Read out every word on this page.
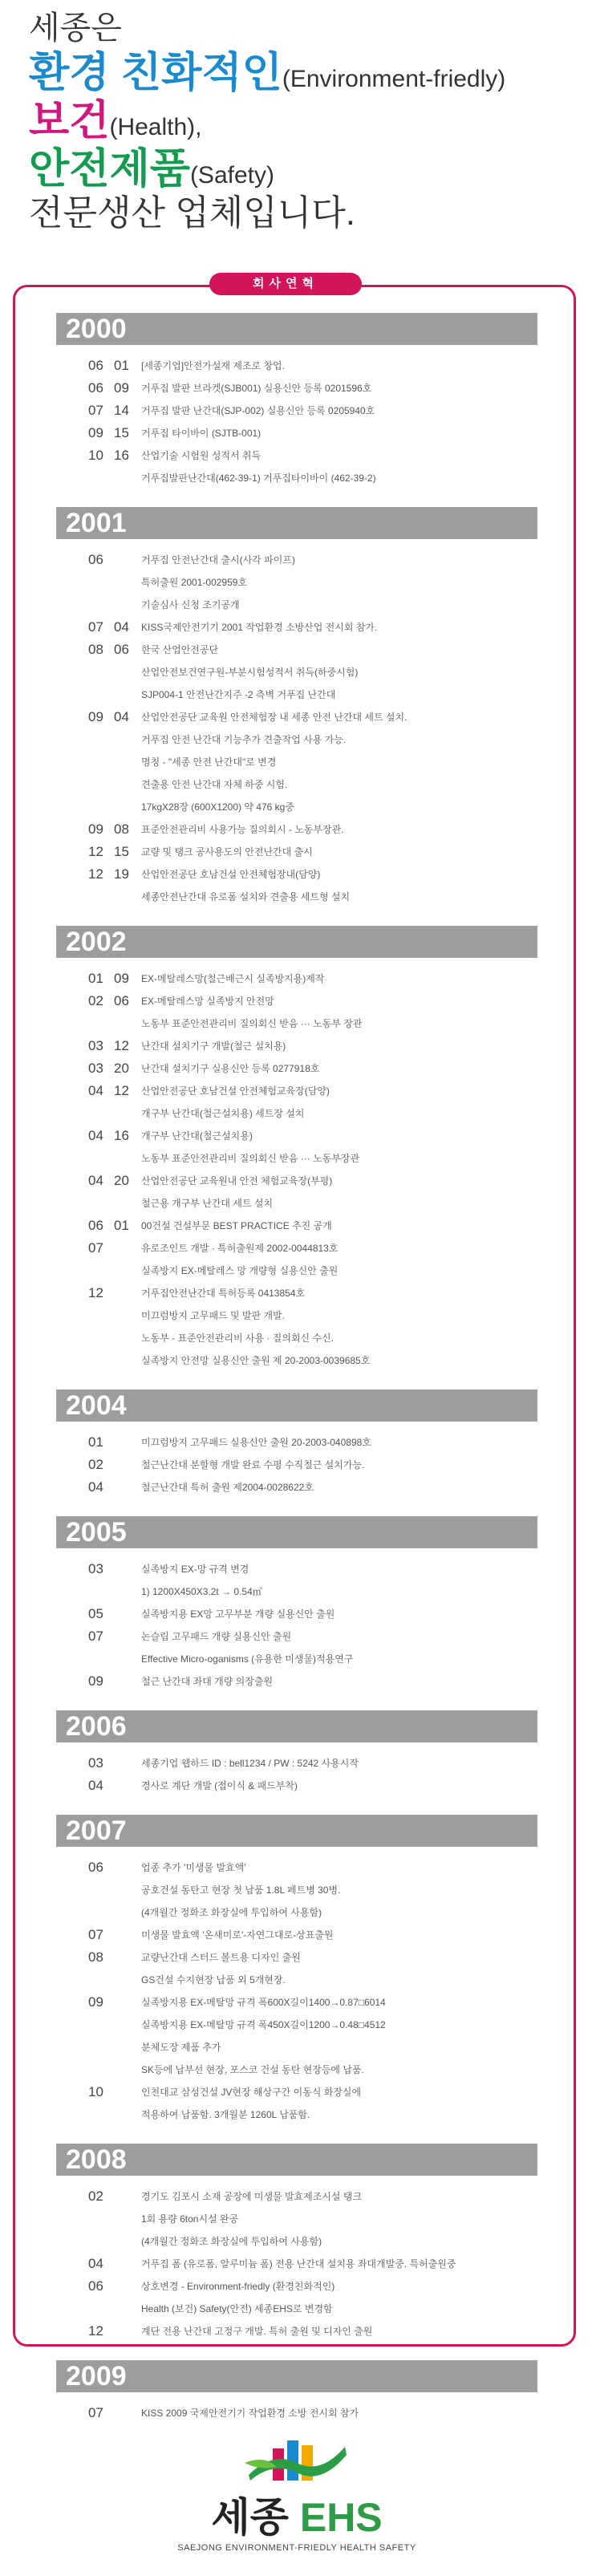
세종은
환경 친화적인(Environment-friedly)
보건(Health),
안전제품(Safety)
전문생산 업체입니다.
회사연혁
2000
06 01	[세종기업]안전가설재 제조로 창업.
06 09	거푸집 발판 브라켓(SJB001) 실용신안 등록 0201596호
07 14	거푸집 발판 난간대(SJP-002) 실용신안 등록 0205940호
09 15	거푸집 타이바이 (SJTB-001)
10 16	산업기술 시험원 성적서 취득
거푸집발판난간대(462-39-1) 거푸집타이바이 (462-39-2)
2001
06	거푸집 안전난간대 출시(사각 파이프)
특허출원 2001-002959호
기술심사 신청 조기공개
07 04	KISS국제안전기기 2001 작업환경 소방산업 전시회 참가.
08 06	한국 산업안전공단
산업안전보건연구원-부분시험성적서 취득(하중시험)
SJP004-1 안전난간지주 -2 측벽 거푸집 난간대
09 04	산업안전공단 교육원 안전체험장 내 세종 안전 난간대 세트 설치.
거푸집 안전 난간대 기능추가 견출작업 사용 가능.
명칭 - "세종 안전 난간대"로 변경
견출용 안전 난간대 자체 하중 시험.
17kgX28장 (600X1200) 약 476 kg중
09 08	표준안전관리비 사용가능 질의회시 - 노동부장관.
12 15	교량 및 탱크 공사용도의 안전난간대 출시
12 19	산업안전공단 호남건설 안전체험장내(담양)
세종안전난간대 유로폼 설치와 견출용 세트형 설치
2002
01 09	EX-메탈레스망(철근배근시 실족방지용)제작
02 06	EX-메탈레스망 실족방지 안전망
노동부 표준안전관리비 질의회신 받음 ··· 노동부 장관
03 12	난간대 설치기구 개발(철근 설치용)
03 20	난간대 설치기구 실용신안 등록 0277918호
04 12	산업안전공단 호남건설 안전체험교육장(담양)
개구부 난간대(철근설치용) 세트장 설치
04 16	개구부 난간대(철근설치용)
노동부 표준안전관리비 질의회신 받음 ··· 노동부장관
04 20	산업안전공단 교육원내 안전 체험교육장(부평)
철근용 개구부 난간대 세트 설치
06 01	00건설 건설부문 BEST PRACTICE 추진 공개
07	유로조인트 개발 · 특허출원제 2002-0044813호
실족방지 EX-메탈레스 망 개량형 실용신안 출원
12	거푸집안전난간대 특허등록 0413854호
미끄럼방지 고무패드 및 발판 개발.
노동부 - 표준안전관리비 사용 · 질의회신 수신.
실족방지 안전망 실용신안 출원 제 20-2003-0039685호
2004
01	미끄럼방지 고무패드 실용신안 출원 20-2003-040898호
02	철근난간대 분할형 개발 완료 수평 수직철근 설치가능.
04	철근난간대 특허 출원 제2004-0028622호
2005
03	실족방지 EX-망 규격 변경
1) 1200X450X3.2t → 0.54㎡
05	실족방지용 EX망 고무부분 개량 실용신안 출원
07	논슬립 고무패드 개량 실용신안 출원
Effective Micro-oganisms (유용한 미생물)적용연구
09	철근 난간대 좌대 개량 의장출원
2006
03	세종기업 웹하드 ID : bell1234 / PW : 5242 사용시작
04	경사로 계단 개발 (접이식 & 패드부착)
2007
06	업종 추가 '미생물 발효액'
공호건설 동탄고 현장 첫 납품 1.8L 페트병 30병.
(4개월간 정화조 화장실에 투입하여 사용함)
07	미생물 발효액 '온새미로'-자연그대로-상표출원
08	교량난간대 스터드 볼트용 디자인 출원
GS건설 수지현장 납품 외 5개현장.
09	실족방지용 EX-메탈망 규격 폭600X길이1400→0.87□6014
실족방지용 EX-메탈망 규격 폭450X길이1200→0.48□4512
분체도장 제품 추가
SK등에 납부선 현장, 포스코 건설 동탄 현장등에 납품.
10	인천대교 삼성건설 JV현장 해상구간 이동식 화장실에
적용하여 납품함. 3개월분 1260L 납품함.
2008
02	경기도 김포시 소재 공장에 미생물 발효제조시설 탱크
1회 용량 6ton시설 완공
(4개월간 정화조 화장실에 투입하여 사용함)
04	거푸집 폼 (유로폼, 알루미늄 폼) 전용 난간대 설치용 좌대개발중. 특허출원중
06	상호변경 - Environment-friedly (환경친화적인)
Health (보건) Safety(안전) 세종EHS로 변경함
12	계단 전용 난간대 고정구 개발. 특허 출원 및 디자인 출원
2009
07	KISS 2009 국제안전기기 작업환경 소방 전시회 참가
세종 EHS
SAEJONG ENVIRONMENT-FRIEDLY HEALTH SAFETY
